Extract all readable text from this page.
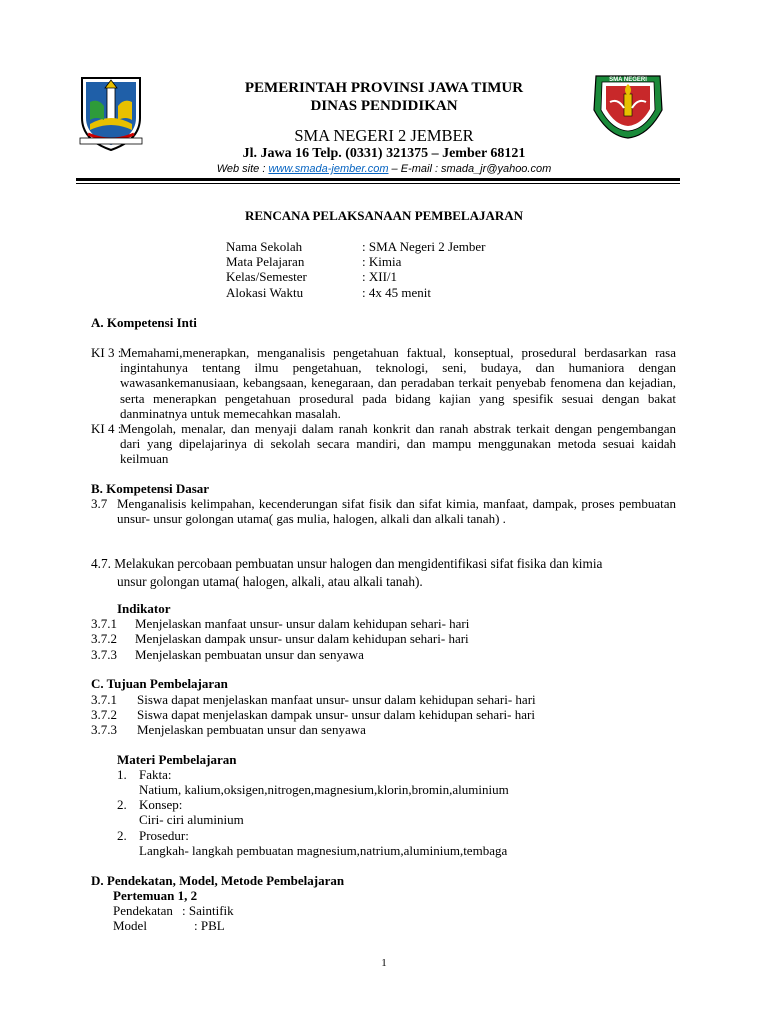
PEMERINTAH PROVINSI JAWA TIMUR
DINAS PENDIDIKAN
SMA NEGERI 2 JEMBER
Jl. Jawa 16 Telp. (0331) 321375 – Jember 68121
Web site : www.smada-jember.com – E-mail : smada_jr@yahoo.com
SMA NEGERI
RENCANA PELAKSANAAN PEMBELAJARAN
Nama Sekolah	: SMA Negeri 2 Jember
Mata Pelajaran	: Kimia
Kelas/Semester	: XII/1
Alokasi Waktu	: 4x 45 menit
A. Kompetensi Inti
KI 3 :
Memahami,menerapkan, menganalisis pengetahuan faktual, konseptual, prosedural berdasarkan rasa ingintahunya tentang ilmu pengetahuan, teknologi, seni, budaya, dan humaniora dengan wawasankemanusiaan, kebangsaan, kenegaraan, dan peradaban terkait penyebab fenomena dan kejadian, serta menerapkan pengetahuan prosedural pada bidang kajian yang spesifik sesuai dengan bakat danminatnya untuk memecahkan masalah.
KI 4 :
Mengolah, menalar, dan menyaji dalam ranah konkrit dan ranah abstrak terkait dengan pengembangan dari yang dipelajarinya di sekolah secara mandiri, dan mampu menggunakan metoda sesuai kaidah keilmuan
B. Kompetensi Dasar
3.7 Menganalisis kelimpahan, kecenderungan sifat fisik dan sifat kimia, manfaat, dampak, proses pembuatan unsur- unsur golongan utama( gas mulia, halogen, alkali dan alkali tanah) .
4.7. Melakukan percobaan pembuatan unsur halogen dan mengidentifikasi sifat fisika dan kimia
unsur golongan utama( halogen, alkali, atau alkali tanah).
Indikator
3.7.1 Menjelaskan manfaat unsur- unsur dalam kehidupan sehari- hari
3.7.2 Menjelaskan dampak unsur- unsur dalam kehidupan sehari- hari
3.7.3 Menjelaskan pembuatan unsur dan senyawa
C. Tujuan Pembelajaran
3.7.1 Siswa dapat menjelaskan manfaat unsur- unsur dalam kehidupan sehari- hari
3.7.2 Siswa dapat menjelaskan dampak unsur- unsur dalam kehidupan sehari- hari
3.7.3 Menjelaskan pembuatan unsur dan senyawa
Materi Pembelajaran
1. Fakta:
Natium, kalium,oksigen,nitrogen,magnesium,klorin,bromin,aluminium
2. Konsep:
Ciri- ciri aluminium
2. Prosedur:
Langkah- langkah pembuatan magnesium,natrium,aluminium,tembaga
D. Pendekatan, Model, Metode Pembelajaran
Pertemuan 1, 2
Pendekatan : Saintifik
Model	: PBL
1
